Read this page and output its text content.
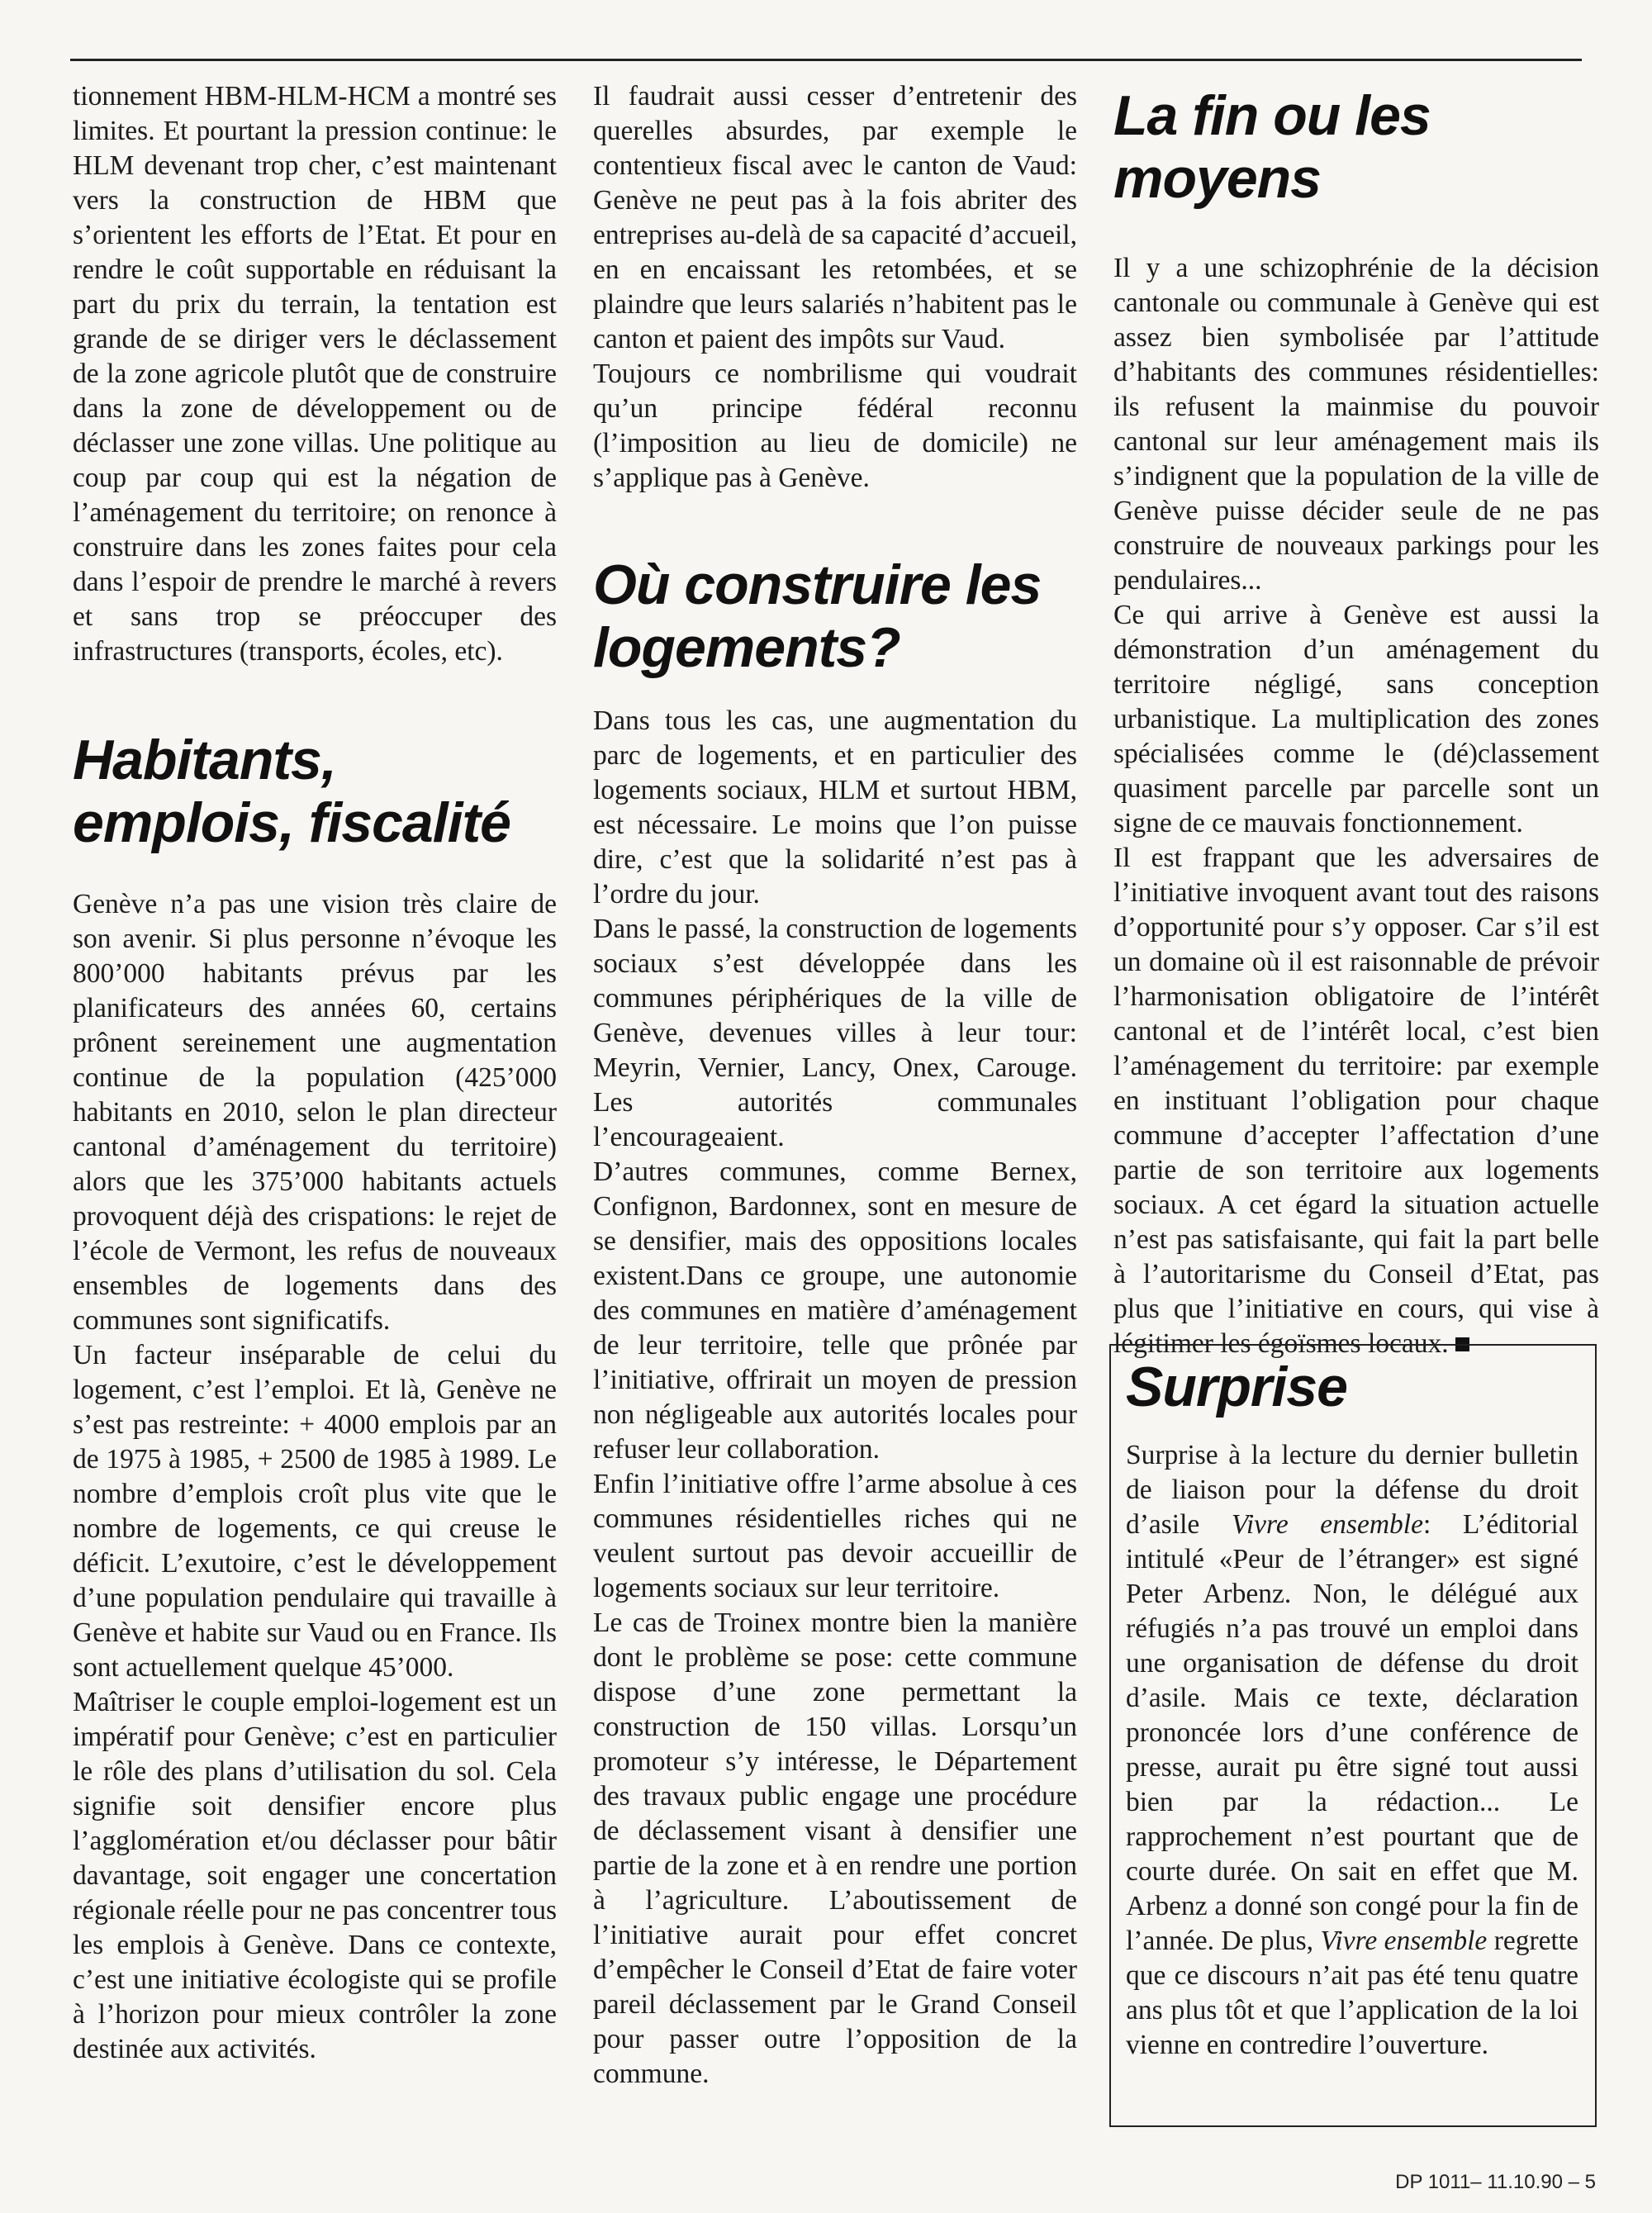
tionnement HBM-HLM-HCM a montré ses limites. Et pourtant la pression continue: le HLM devenant trop cher, c’est maintenant vers la construction de HBM que s’orientent les efforts de l’Etat. Et pour en rendre le coût supportable en réduisant la part du prix du terrain, la tentation est grande de se diriger vers le déclassement de la zone agricole plutôt que de construire dans la zone de développement ou de déclasser une zone villas. Une politique au coup par coup qui est la négation de l’aménagement du territoire; on renonce à construire dans les zones faites pour cela dans l’espoir de prendre le marché à revers et sans trop se préoccuper des infrastructures (transports, écoles, etc).

Habitants, emplois, fiscalité

Genève n’a pas une vision très claire de son avenir. Si plus personne n’évoque les 800’000 habitants prévus par les planificateurs des années 60, certains prônent sereinement une augmentation continue de la population (425’000 habitants en 2010, selon le plan directeur cantonal d’aménagement du territoire) alors que les 375’000 habitants actuels provoquent déjà des crispations: le rejet de l’école de Vermont, les refus de nouveaux ensembles de logements dans des communes sont significatifs.

Un facteur inséparable de celui du logement, c’est l’emploi. Et là, Genève ne s’est pas restreinte: + 4000 emplois par an de 1975 à 1985, + 2500 de 1985 à 1989. Le nombre d’emplois croît plus vite que le nombre de logements, ce qui creuse le déficit. L’exutoire, c’est le développement d’une population pendulaire qui travaille à Genève et habite sur Vaud ou en France. Ils sont actuellement quelque 45’000.

Maîtriser le couple emploi-logement est un impératif pour Genève; c’est en particulier le rôle des plans d’utilisation du sol. Cela signifie soit densifier encore plus l’agglomération et/ou déclasser pour bâtir davantage, soit engager une concertation régionale réelle pour ne pas concentrer tous les emplois à Genève. Dans ce contexte, c’est une initiative écologiste qui se profile à l’horizon pour mieux contrôler la zone destinée aux activités.

Il faudrait aussi cesser d’entretenir des querelles absurdes, par exemple le contentieux fiscal avec le canton de Vaud: Genève ne peut pas à la fois abriter des entreprises au-delà de sa capacité d’accueil, en en encaissant les retombées, et se plaindre que leurs salariés n’habitent pas le canton et paient des impôts sur Vaud.

Toujours ce nombrilisme qui voudrait qu’un principe fédéral reconnu (l’imposition au lieu de domicile) ne s’applique pas à Genève.

Où construire les logements?

Dans tous les cas, une augmentation du parc de logements, et en particulier des logements sociaux, HLM et surtout HBM, est nécessaire. Le moins que l’on puisse dire, c’est que la solidarité n’est pas à l’ordre du jour.

Dans le passé, la construction de logements sociaux s’est développée dans les communes périphériques de la ville de Genève, devenues villes à leur tour: Meyrin, Vernier, Lancy, Onex, Carouge. Les autorités communales l’encourageaient.

D’autres communes, comme Bernex, Confignon, Bardonnex, sont en mesure de se densifier, mais des oppositions locales existent.Dans ce groupe, une autonomie des communes en matière d’aménagement de leur territoire, telle que prônée par l’initiative, offrirait un moyen de pression non négligeable aux autorités locales pour refuser leur collaboration.

Enfin l’initiative offre l’arme absolue à ces communes résidentielles riches qui ne veulent surtout pas devoir accueillir de logements sociaux sur leur territoire.

Le cas de Troinex montre bien la manière dont le problème se pose: cette commune dispose d’une zone permettant la construction de 150 villas. Lorsqu’un promoteur s’y intéresse, le Département des travaux public engage une procédure de déclassement visant à densifier une partie de la zone et à en rendre une portion à l’agriculture. L’aboutissement de l’initiative aurait pour effet concret d’empêcher le Conseil d’Etat de faire voter pareil déclassement par le Grand Conseil pour passer outre l’opposition de la commune.

La fin ou les moyens

Il y a une schizophrénie de la décision cantonale ou communale à Genève qui est assez bien symbolisée par l’attitude d’habitants des communes résidentielles: ils refusent la mainmise du pouvoir cantonal sur leur aménagement mais ils s’indignent que la population de la ville de Genève puisse décider seule de ne pas construire de nouveaux parkings pour les pendulaires...

Ce qui arrive à Genève est aussi la démonstration d’un aménagement du territoire négligé, sans conception urbanistique. La multiplication des zones spécialisées comme le (dé)classement quasiment parcelle par parcelle sont un signe de ce mauvais fonctionnement.

Il est frappant que les adversaires de l’initiative invoquent avant tout des raisons d’opportunité pour s’y opposer. Car s’il est un domaine où il est raisonnable de prévoir l’harmonisation obligatoire de l’intérêt cantonal et de l’intérêt local, c’est bien l’aménagement du territoire: par exemple en instituant l’obligation pour chaque commune d’accepter l’affectation d’une partie de son territoire aux logements sociaux. A cet égard la situation actuelle n’est pas satisfaisante, qui fait la part belle à l’autoritarisme du Conseil d’Etat, pas plus que l’initiative en cours, qui vise à légitimer les égoïsmes locaux.

Surprise

Surprise à la lecture du dernier bulletin de liaison pour la défense du droit d’asile Vivre ensemble: L’éditorial intitulé «Peur de l’étranger» est signé Peter Arbenz. Non, le délégué aux réfugiés n’a pas trouvé un emploi dans une organisation de défense du droit d’asile. Mais ce texte, déclaration prononcée lors d’une conférence de presse, aurait pu être signé tout aussi bien par la rédaction... Le rapprochement n’est pourtant que de courte durée. On sait en effet que M. Arbenz a donné son congé pour la fin de l’année. De plus, Vivre ensemble regrette que ce discours n’ait pas été tenu quatre ans plus tôt et que l’application de la loi vienne en contredire l’ouverture.

DP 1011– 11.10.90 – 5
